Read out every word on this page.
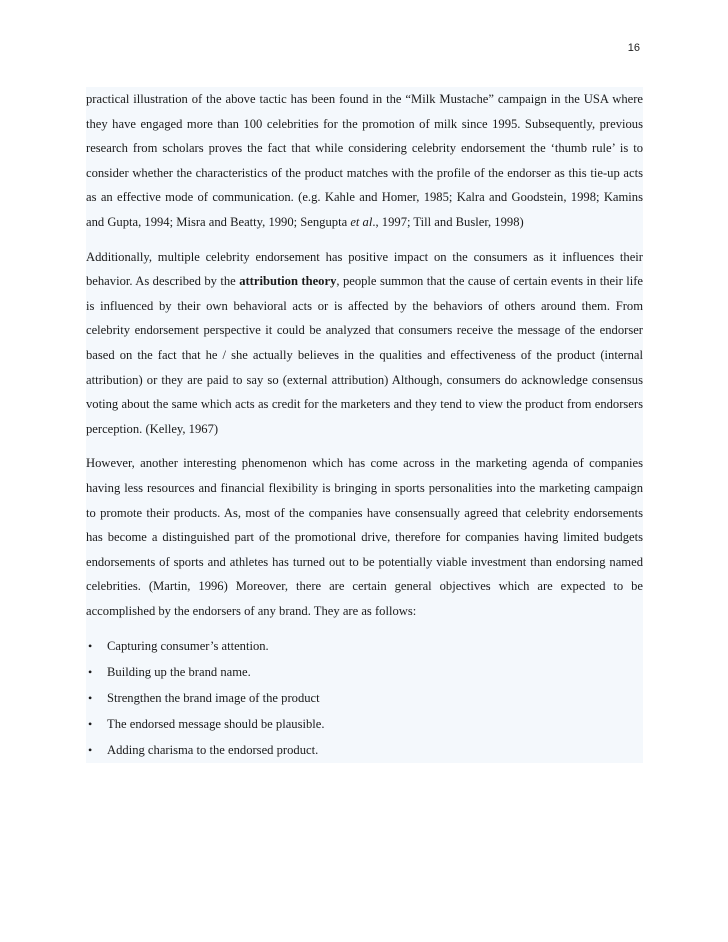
16

practical illustration of the above tactic has been found in the “Milk Mustache” campaign in the USA where they have engaged more than 100 celebrities for the promotion of milk since 1995. Subsequently, previous research from scholars proves the fact that while considering celebrity endorsement the ‘thumb rule’ is to consider whether the characteristics of the product matches with the profile of the endorser as this tie-up acts as an effective mode of communication. (e.g. Kahle and Homer, 1985; Kalra and Goodstein, 1998; Kamins and Gupta, 1994; Misra and Beatty, 1990; Sengupta et al., 1997; Till and Busler, 1998)

Additionally, multiple celebrity endorsement has positive impact on the consumers as it influences their behavior. As described by the attribution theory, people summon that the cause of certain events in their life is influenced by their own behavioral acts or is affected by the behaviors of others around them. From celebrity endorsement perspective it could be analyzed that consumers receive the message of the endorser based on the fact that he / she actually believes in the qualities and effectiveness of the product (internal attribution) or they are paid to say so (external attribution) Although, consumers do acknowledge consensus voting about the same which acts as credit for the marketers and they tend to view the product from endorsers perception. (Kelley, 1967)

However, another interesting phenomenon which has come across in the marketing agenda of companies having less resources and financial flexibility is bringing in sports personalities into the marketing campaign to promote their products. As, most of the companies have consensually agreed that celebrity endorsements has become a distinguished part of the promotional drive, therefore for companies having limited budgets endorsements of sports and athletes has turned out to be potentially viable investment than endorsing named celebrities. (Martin, 1996) Moreover, there are certain general objectives which are expected to be accomplished by the endorsers of any brand. They are as follows:

• Capturing consumer’s attention.
• Building up the brand name.
• Strengthen the brand image of the product
• The endorsed message should be plausible.
• Adding charisma to the endorsed product.
